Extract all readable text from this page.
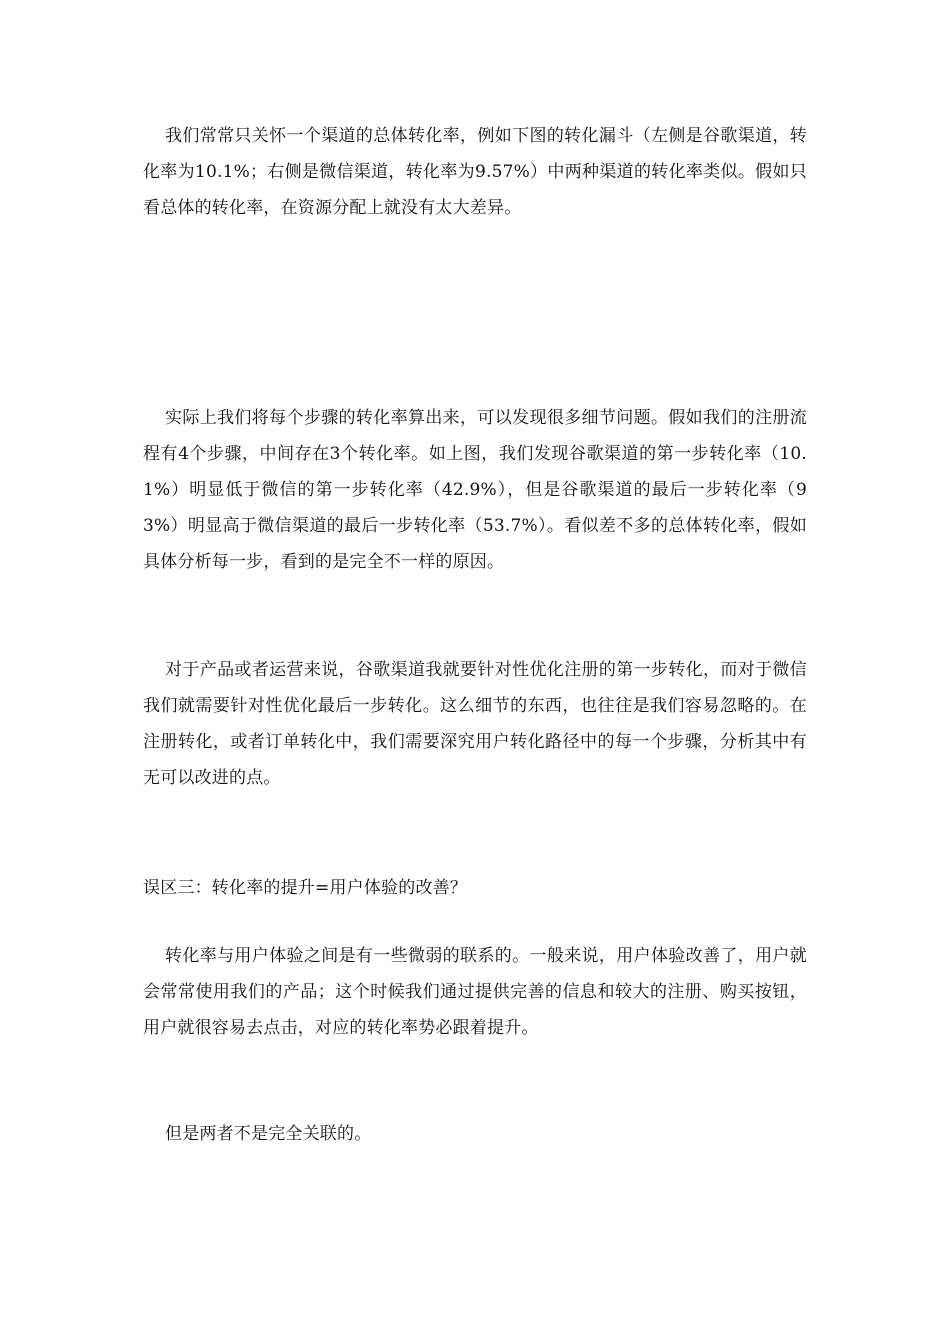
我们常常只关怀一个渠道的总体转化率，例如下图的转化漏斗（左侧是谷歌渠道，转化率为10.1%；右侧是微信渠道，转化率为9.57%）中两种渠道的转化率类似。假如只看总体的转化率，在资源分配上就没有太大差异。

实际上我们将每个步骤的转化率算出来，可以发现很多细节问题。假如我们的注册流程有4个步骤，中间存在3个转化率。如上图，我们发现谷歌渠道的第一步转化率（10.1%）明显低于微信的第一步转化率（42.9%），但是谷歌渠道的最后一步转化率（93%）明显高于微信渠道的最后一步转化率（53.7%）。看似差不多的总体转化率，假如具体分析每一步，看到的是完全不一样的原因。

对于产品或者运营来说，谷歌渠道我就要针对性优化注册的第一步转化，而对于微信我们就需要针对性优化最后一步转化。这么细节的东西，也往往是我们容易忽略的。在注册转化，或者订单转化中，我们需要深究用户转化路径中的每一个步骤，分析其中有无可以改进的点。

误区三：转化率的提升=用户体验的改善？

转化率与用户体验之间是有一些微弱的联系的。一般来说，用户体验改善了，用户就会常常使用我们的产品；这个时候我们通过提供完善的信息和较大的注册、购买按钮，用户就很容易去点击，对应的转化率势必跟着提升。

但是两者不是完全关联的。
